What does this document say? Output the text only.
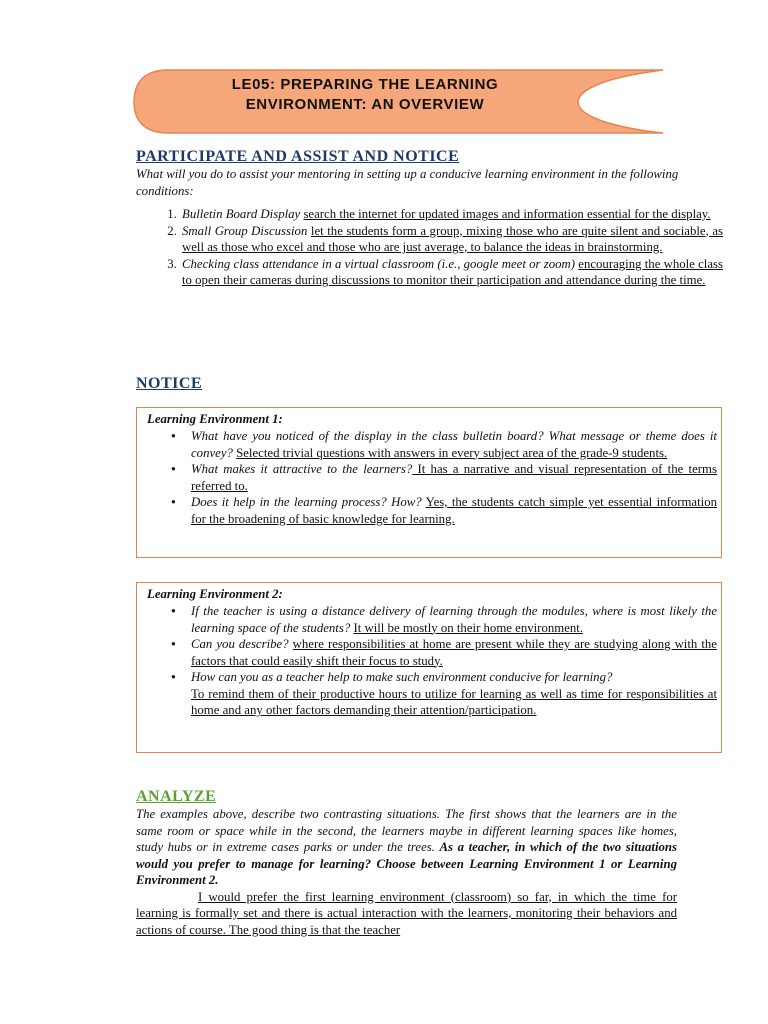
LE05: PREPARING THE LEARNING
ENVIRONMENT: AN OVERVIEW
PARTICIPATE AND ASSIST AND NOTICE
What will you do to assist your mentoring in setting up a conducive learning environment in the following conditions:
1. Bulletin Board Display search the internet for updated images and information essential for the display.
2. Small Group Discussion let the students form a group, mixing those who are quite silent and sociable, as well as those who excel and those who are just average, to balance the ideas in brainstorming.
3. Checking class attendance in a virtual classroom (i.e., google meet or zoom) encouraging the whole class to open their cameras during discussions to monitor their participation and attendance during the time.
NOTICE
Learning Environment 1:
● What have you noticed of the display in the class bulletin board? What message or theme does it convey? Selected trivial questions with answers in every subject area of the grade-9 students.
● What makes it attractive to the learners? It has a narrative and visual representation of the terms referred to.
● Does it help in the learning process? How? Yes, the students catch simple yet essential information for the broadening of basic knowledge for learning.
Learning Environment 2:
● If the teacher is using a distance delivery of learning through the modules, where is most likely the learning space of the students? It will be mostly on their home environment.
● Can you describe? where responsibilities at home are present while they are studying along with the factors that could easily shift their focus to study.
● How can you as a teacher help to make such environment conducive for learning?
To remind them of their productive hours to utilize for learning as well as time for responsibilities at home and any other factors demanding their attention/participation.
ANALYZE

The examples above, describe two contrasting situations. The first shows that the learners are in the same room or space while in the second, the learners maybe in different learning spaces like homes, study hubs or in extreme cases parks or under the trees. As a teacher, in which of the two situations would you prefer to manage for learning? Choose between Learning Environment 1 or Learning Environment 2.

I would prefer the first learning environment (classroom) so far, in which the time for learning is formally set and there is actual interaction with the learners, monitoring their behaviors and actions of course. The good thing is that the teacher
